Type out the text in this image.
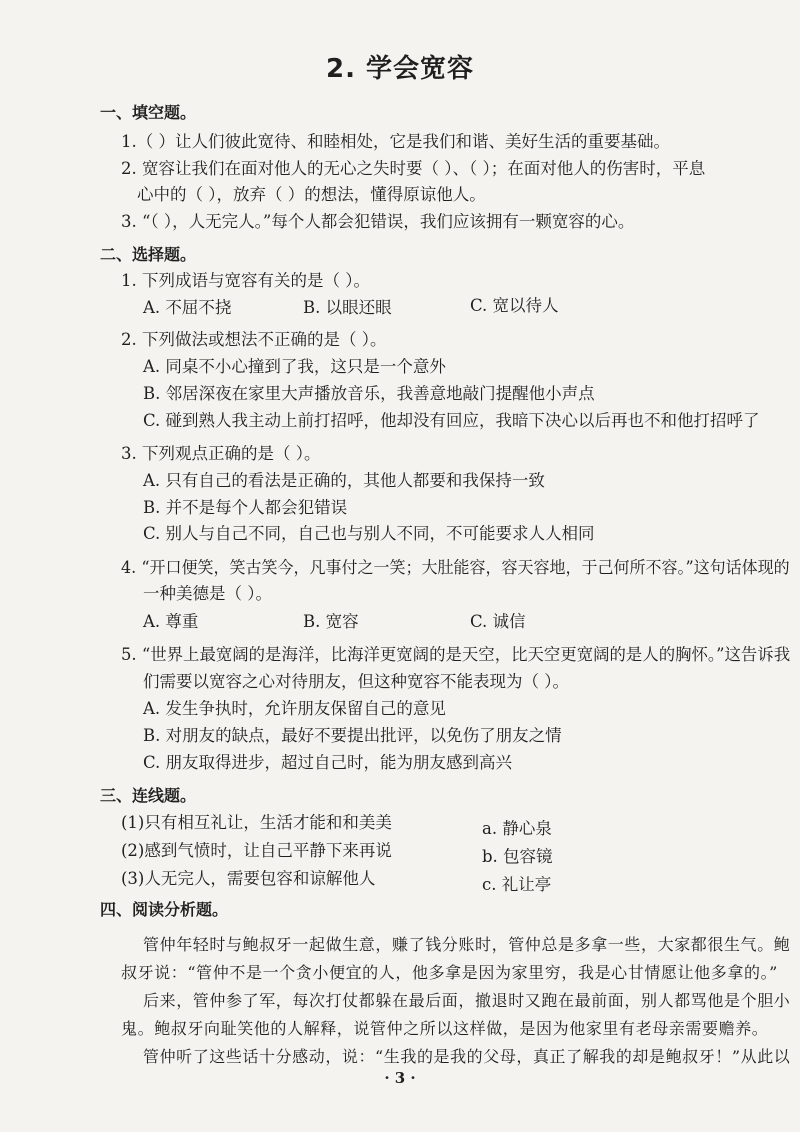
2. 学会宽容
一、填空题。
1.（ ）让人们彼此宽待、和睦相处，它是我们和谐、美好生活的重要基础。
2. 宽容让我们在面对他人的无心之失时要（ ）、（ ）；在面对他人的伤害时，平息
心中的（ ），放弃（ ）的想法，懂得原谅他人。
3. “（ ），人无完人。”每个人都会犯错误，我们应该拥有一颗宽容的心。
二、选择题。
1. 下列成语与宽容有关的是（ ）。
A. 不屈不挠	B. 以眼还眼	C. 宽以待人
2. 下列做法或想法不正确的是（ ）。
A. 同桌不小心撞到了我，这只是一个意外
B. 邻居深夜在家里大声播放音乐，我善意地敲门提醒他小声点
C. 碰到熟人我主动上前打招呼，他却没有回应，我暗下决心以后再也不和他打招呼了
3. 下列观点正确的是（ ）。
A. 只有自己的看法是正确的，其他人都要和我保持一致
B. 并不是每个人都会犯错误
C. 别人与自己不同，自己也与别人不同，不可能要求人人相同
4. “开口便笑，笑古笑今，凡事付之一笑；大肚能容，容天容地，于己何所不容。”这句话体现的
一种美德是（ ）。
A. 尊重	B. 宽容	C. 诚信
5. “世界上最宽阔的是海洋，比海洋更宽阔的是天空，比天空更宽阔的是人的胸怀。”这告诉我
们需要以宽容之心对待朋友，但这种宽容不能表现为（ ）。
A. 发生争执时，允许朋友保留自己的意见
B. 对朋友的缺点，最好不要提出批评，以免伤了朋友之情
C. 朋友取得进步，超过自己时，能为朋友感到高兴
三、连线题。
(1)只有相互礼让，生活才能和和美美
(2)感到气愤时，让自己平静下来再说
(3)人无完人，需要包容和谅解他人
a. 静心泉
b. 包容镜
c. 礼让亭
四、阅读分析题。
管仲年轻时与鲍叔牙一起做生意，赚了钱分账时，管仲总是多拿一些，大家都很生气。鲍
叔牙说：“管仲不是一个贪小便宜的人，他多拿是因为家里穷，我是心甘情愿让他多拿的。”
后来，管仲参了军，每次打仗都躲在最后面，撤退时又跑在最前面，别人都骂他是个胆小
鬼。鲍叔牙向耻笑他的人解释，说管仲之所以这样做，是因为他家里有老母亲需要赡养。
管仲听了这些话十分感动，说：“生我的是我的父母，真正了解我的却是鲍叔牙！”从此以
· 3 ·
